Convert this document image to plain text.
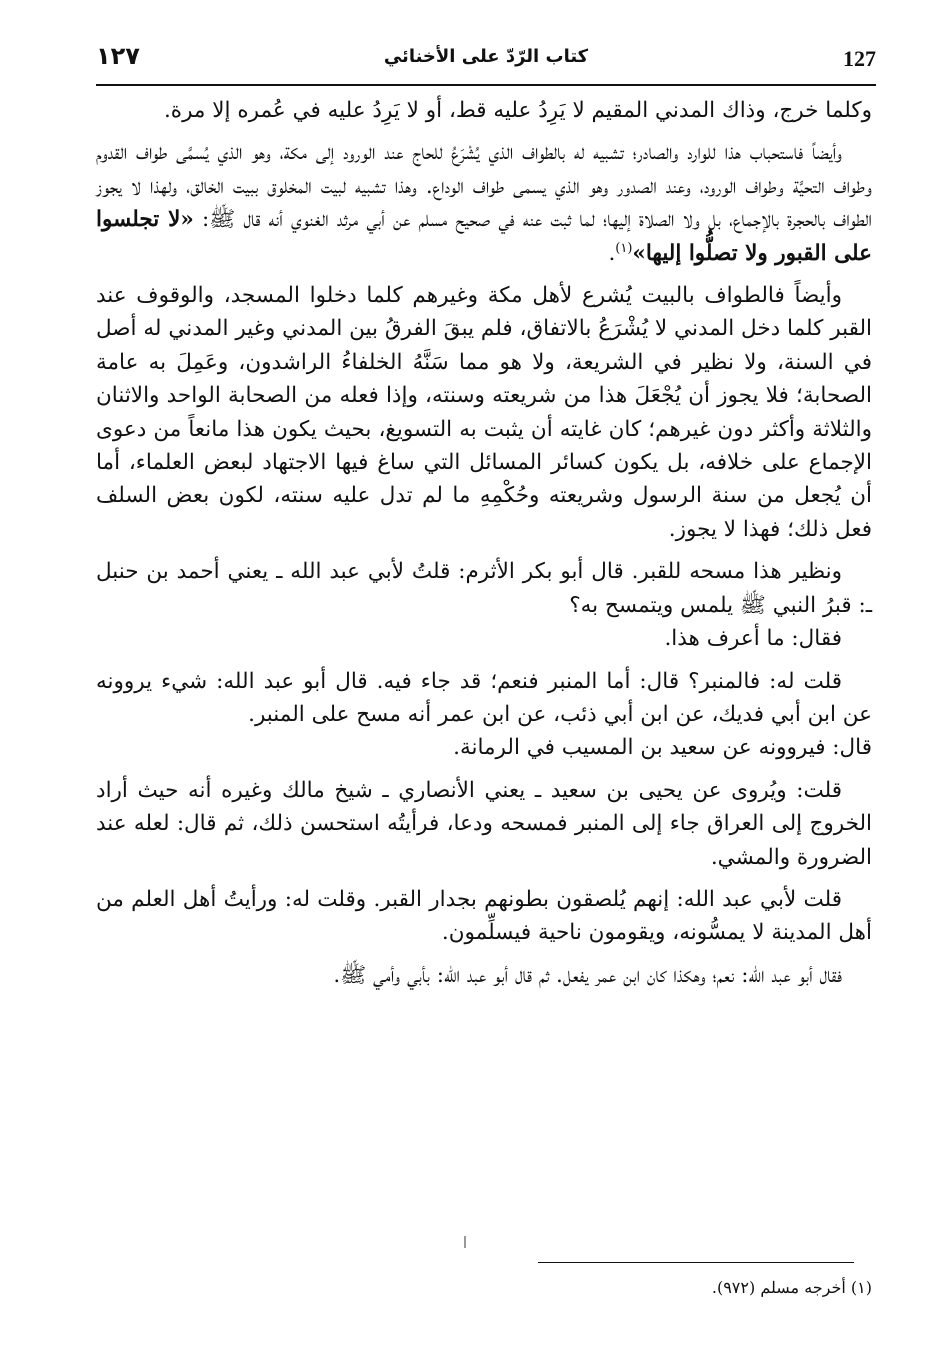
127
كتاب الرّدّ على الأخنائي
١٢٧

وكلما خرج، وذاك المدني المقيم لا يَرِدُ عليه قط، أو لا يَرِدُ عليه في عُمره إلا مرة.

وأيضاً فاستحباب هذا للوارد والصادر؛ تشبيه له بالطواف الذي يُشْرَعُ للحاج عند الورود إلى مكة، وهو الذي يُسمَّى طواف القدوم وطواف التحيَّة وطواف الورود، وعند الصدور وهو الذي يسمى طواف الوداع. وهذا تشبيه لبيت المخلوق ببيت الخالق، ولهذا لا يجوز الطواف بالحجرة بالإجماع، بل ولا الصلاة إليها؛ لما ثبت عنه في صحيح مسلم عن أبي مرثد الغنوي أنه قال ﷺ: «لا تجلسوا على القبور ولا تصلُّوا إليها»$^{(١)}$.

وأيضاً فالطواف بالبيت يُشرع لأهل مكة وغيرهم كلما دخلوا المسجد، والوقوف عند القبر كلما دخل المدني لا يُشْرَعُ بالاتفاق، فلم يبقَ الفرقُ بين المدني وغير المدني له أصل في السنة، ولا نظير في الشريعة، ولا هو مما سَنَّهُ الخلفاءُ الراشدون، وعَمِلَ به عامة الصحابة؛ فلا يجوز أن يُجْعَلَ هذا من شريعته وسنته، وإذا فعله من الصحابة الواحد والاثنان والثلاثة وأكثر دون غيرهم؛ كان غايته أن يثبت به التسويغ، بحيث يكون هذا مانعاً من دعوى الإجماع على خلافه، بل يكون كسائر المسائل التي ساغ فيها الاجتهاد لبعض العلماء، أما أن يُجعل من سنة الرسول وشريعته وحُكْمِهِ ما لم تدل عليه سنته، لكون بعض السلف فعل ذلك؛ فهذا لا يجوز.

ونظير هذا مسحه للقبر. قال أبو بكر الأثرم: قلتُ لأبي عبد الله ـ يعني أحمد بن حنبل ـ: قبرُ النبي ﷺ يلمس ويتمسح به؟

فقال: ما أعرف هذا.

قلت له: فالمنبر؟ قال: أما المنبر فنعم؛ قد جاء فيه. قال أبو عبد الله: شيء يروونه عن ابن أبي فديك، عن ابن أبي ذئب، عن ابن عمر أنه مسح على المنبر.

قال: فيروونه عن سعيد بن المسيب في الرمانة.

قلت: ويُروى عن يحيى بن سعيد ـ يعني الأنصاري ـ شيخ مالك وغيره أنه حيث أراد الخروج إلى العراق جاء إلى المنبر فمسحه ودعا، فرأيتُه استحسن ذلك، ثم قال: لعله عند الضرورة والمشي.

قلت لأبي عبد الله: إنهم يُلصقون بطونهم بجدار القبر. وقلت له: ورأيتُ أهل العلم من أهل المدينة لا يمسُّونه، ويقومون ناحية فيسلِّمون.

فقال أبو عبد الله: نعم؛ وهكذا كان ابن عمر يفعل. ثم قال أبو عبد الله: بأبي وأمي ﷺ.

(١) أخرجه مسلم (٩٧٢).
